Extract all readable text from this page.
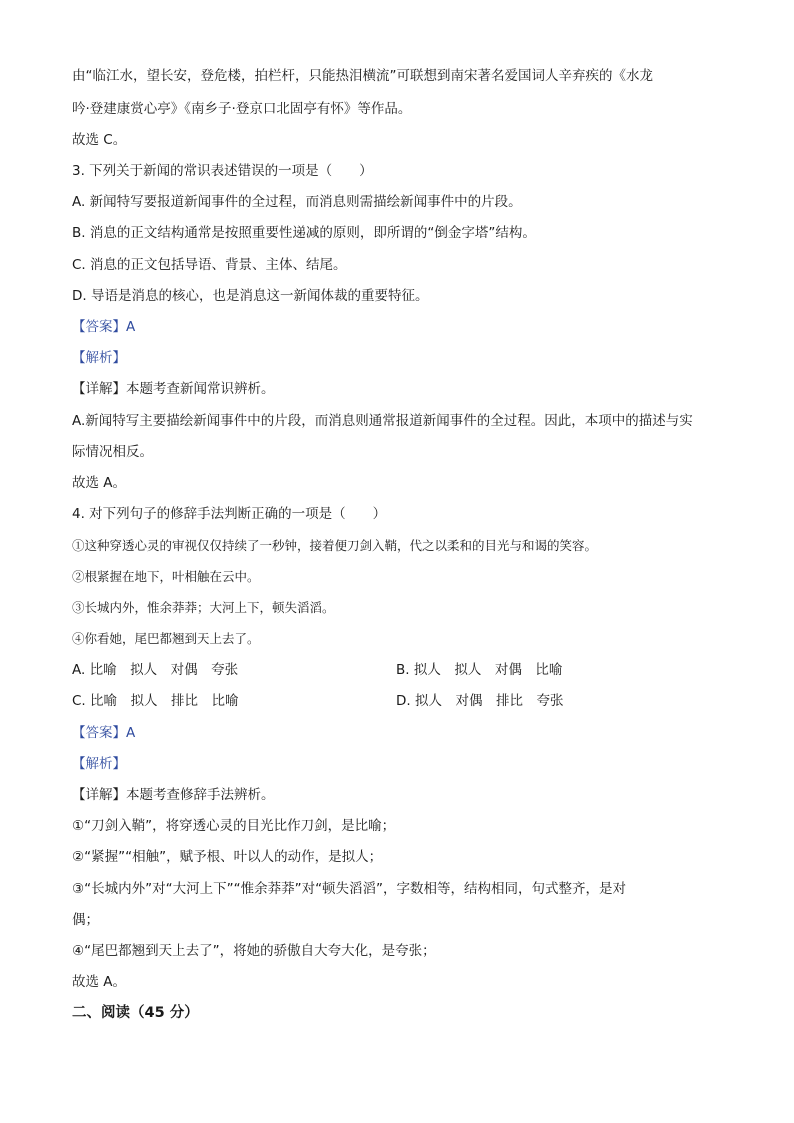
由“临江水，望长安，登危楼，拍栏杆，只能热泪横流”可联想到南宋著名爱国词人辛弃疾的《水龙
吟·登建康赏心亭》《南乡子·登京口北固亭有怀》等作品。
故选 C。
3. 下列关于新闻的常识表述错误的一项是（　　）
A. 新闻特写要报道新闻事件的全过程，而消息则需描绘新闻事件中的片段。
B. 消息的正文结构通常是按照重要性递减的原则，即所谓的“倒金字塔”结构。
C. 消息的正文包括导语、背景、主体、结尾。
D. 导语是消息的核心，也是消息这一新闻体裁的重要特征。
【答案】A
【解析】
【详解】本题考查新闻常识辨析。
A.新闻特写主要描绘新闻事件中的片段，而消息则通常报道新闻事件的全过程。因此，本项中的描述与实
际情况相反。
故选 A。
4. 对下列句子的修辞手法判断正确的一项是（　　）
①这种穿透心灵的审视仅仅持续了一秒钟，接着便刀剑入鞘，代之以柔和的目光与和谒的笑容。
②根紧握在地下，叶相触在云中。
③长城内外，惟余莽莽；大河上下，顿失滔滔。
④你看她，尾巴都翘到天上去了。
A. 比喻　拟人　对偶　夸张	B. 拟人　拟人　对偶　比喻
C. 比喻　拟人　排比　比喻	D. 拟人　对偶　排比　夸张
【答案】A
【解析】
【详解】本题考查修辞手法辨析。
①“刀剑入鞘”，将穿透心灵的目光比作刀剑，是比喻；
②“紧握”“相触”，赋予根、叶以人的动作，是拟人；
③“长城内外”对“大河上下”“惟余莽莽”对“顿失滔滔”，字数相等，结构相同，句式整齐，是对
偶；
④“尾巴都翘到天上去了”，将她的骄傲自大夸大化，是夸张；
故选 A。
二、阅读（45 分）
